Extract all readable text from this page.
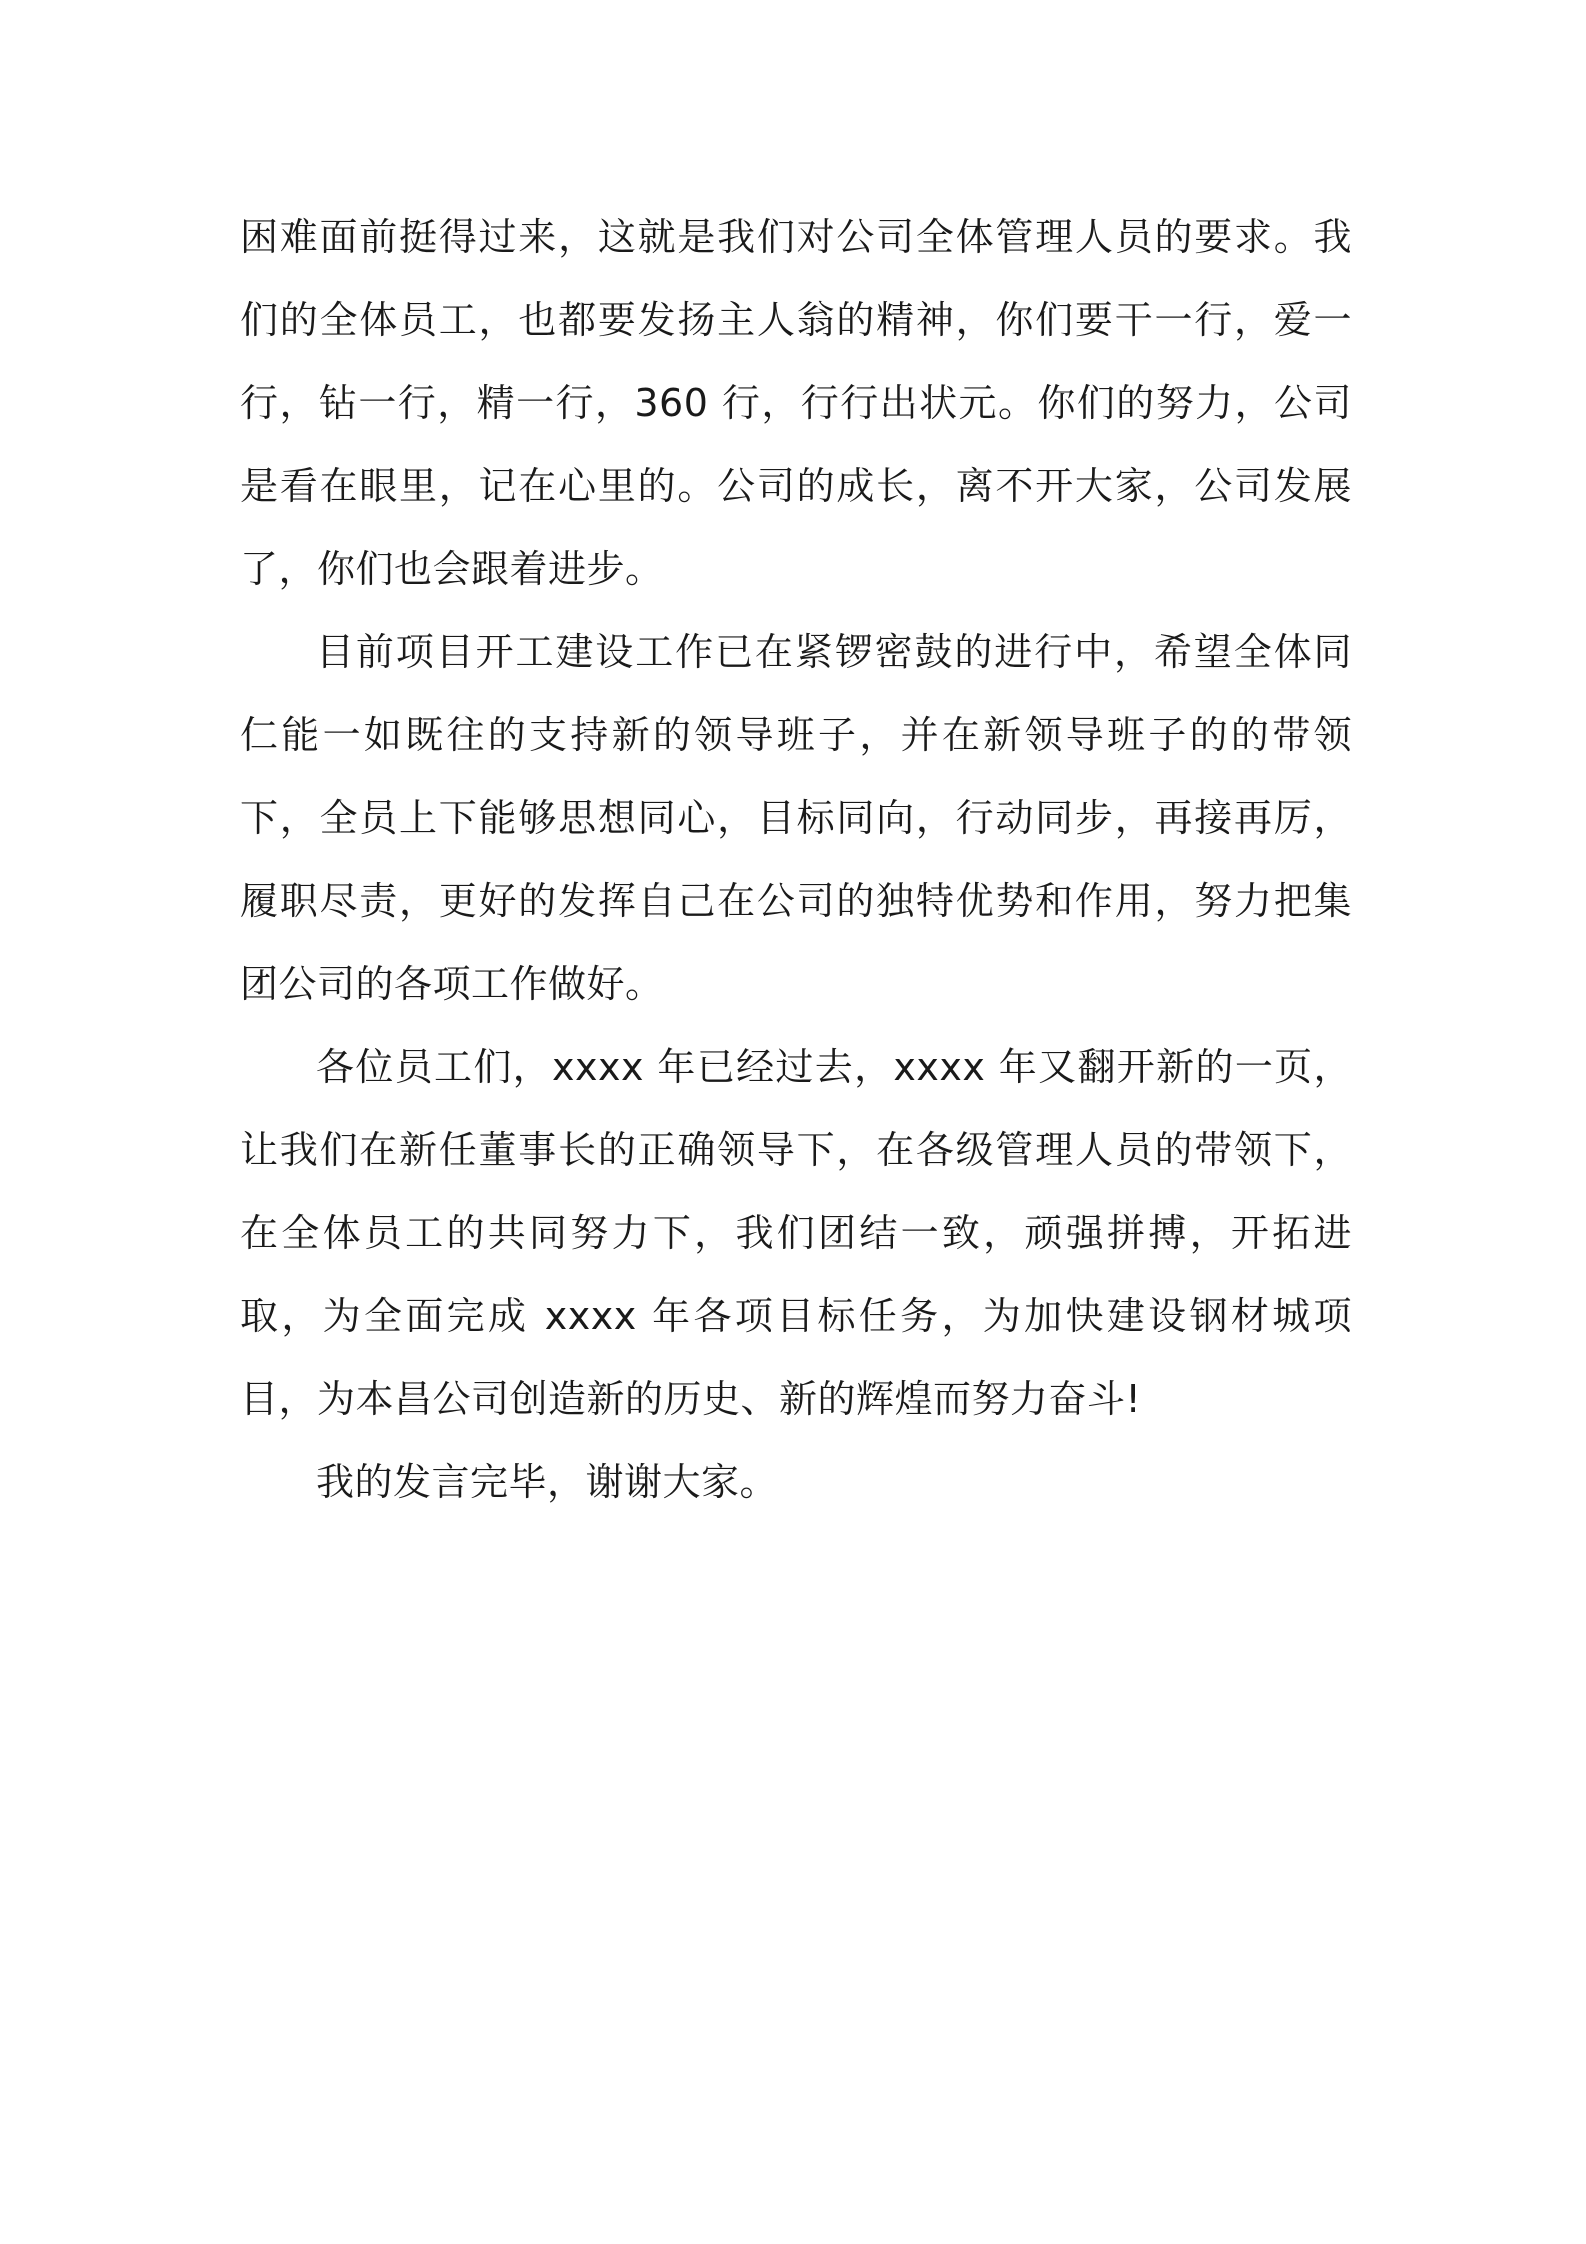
困难面前挺得过来，这就是我们对公司全体管理人员的要求。我们的全体员工，也都要发扬主人翁的精神，你们要干一行，爱一行，钻一行，精一行，360 行，行行出状元。你们的努力，公司是看在眼里，记在心里的。公司的成长，离不开大家，公司发展了，你们也会跟着进步。

目前项目开工建设工作已在紧锣密鼓的进行中，希望全体同仁能一如既往的支持新的领导班子，并在新领导班子的的带领下，全员上下能够思想同心，目标同向，行动同步，再接再厉，履职尽责，更好的发挥自己在公司的独特优势和作用，努力把集团公司的各项工作做好。

各位员工们，xxxx 年已经过去，xxxx 年又翻开新的一页，让我们在新任董事长的正确领导下，在各级管理人员的带领下，在全体员工的共同努力下，我们团结一致，顽强拼搏，开拓进取，为全面完成 xxxx 年各项目标任务，为加快建设钢材城项目，为本昌公司创造新的历史、新的辉煌而努力奋斗!

我的发言完毕，谢谢大家。
